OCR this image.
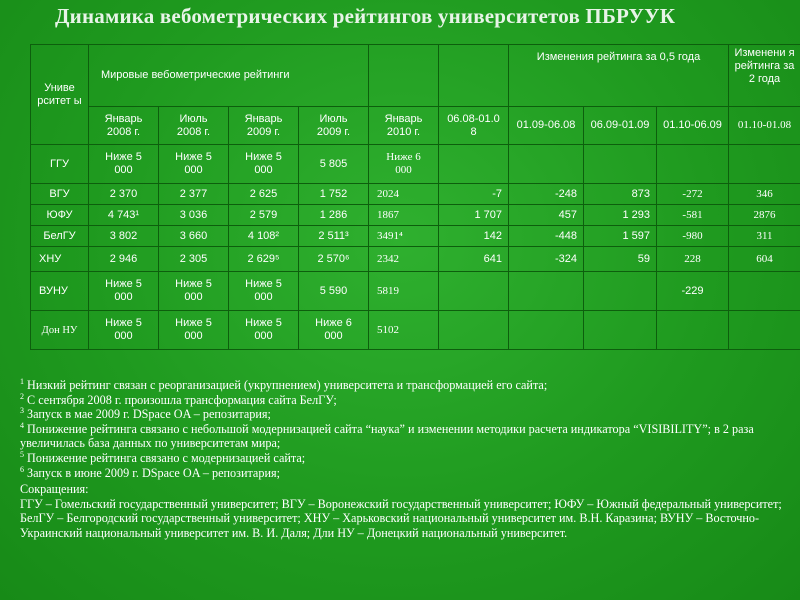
Динамика вебометрических рейтингов университетов ПБРУУК
Униве рситет ы	Мировые вебометрические рейтинги						Изменения рейтинга за 0,5 года			Изменени я рейтинга за 2 года
	Январь 2008 г.	Июль 2008 г.	Январь 2009 г.	Июль 2009 г.	Январь 2010 г.	06.08-01.08	01.09-06.08	06.09-01.09	01.10-06.09	01.10-01.08
ГГУ	Ниже 5 000	Ниже 5 000	Ниже 5 000	5 805	Ниже 6 000					
ВГУ	2 370	2 377	2 625	1 752	2024	-7	-248	873	-272	346
ЮФУ	4 743¹	3 036	2 579	1 286	1867	1 707	457	1 293	-581	2876
БелГУ	3 802	3 660	4 108²	2 511³	3491⁴	142	-448	1 597	-980	311
ХНУ	2 946	2 305	2 629⁵	2 570⁶	2342	641	-324	59	228	604
ВУНУ	Ниже 5 000	Ниже 5 000	Ниже 5 000	5 590	5819				-229	
Дон НУ	Ниже 5 000	Ниже 5 000	Ниже 5 000	Ниже 6 000	5102					

$^1$ Низкий рейтинг связан с реорганизацией (укрупнением) университета и трансформацией его сайта;

$^2$ С сентября 2008 г. произошла трансформация сайта БелГУ;

$^3$ Запуск в мае 2009 г. DSpace OA – репозитария;

$^4$ Понижение рейтинга связано с небольшой модернизацией сайта “наука” и изменении методики расчета индикатора “VISIBILITY”; в 2 раза увеличилась база данных по университетам мира;

$^5$ Понижение рейтинга связано с модернизацией сайта;

$^6$ Запуск в июне 2009 г. DSpace OA – репозитария;

Сокращения:

ГГУ – Гомельский государственный университет; ВГУ – Воронежский государственный университет; ЮФУ – Южный федеральный университет; БелГУ – Белгородский государственный университет; ХНУ – Харьковский национальный университет им. В.Н. Каразина; ВУНУ – Восточно-Украинский национальный университет им. В. И. Даля; Дли НУ – Донецкий национальный университет.
